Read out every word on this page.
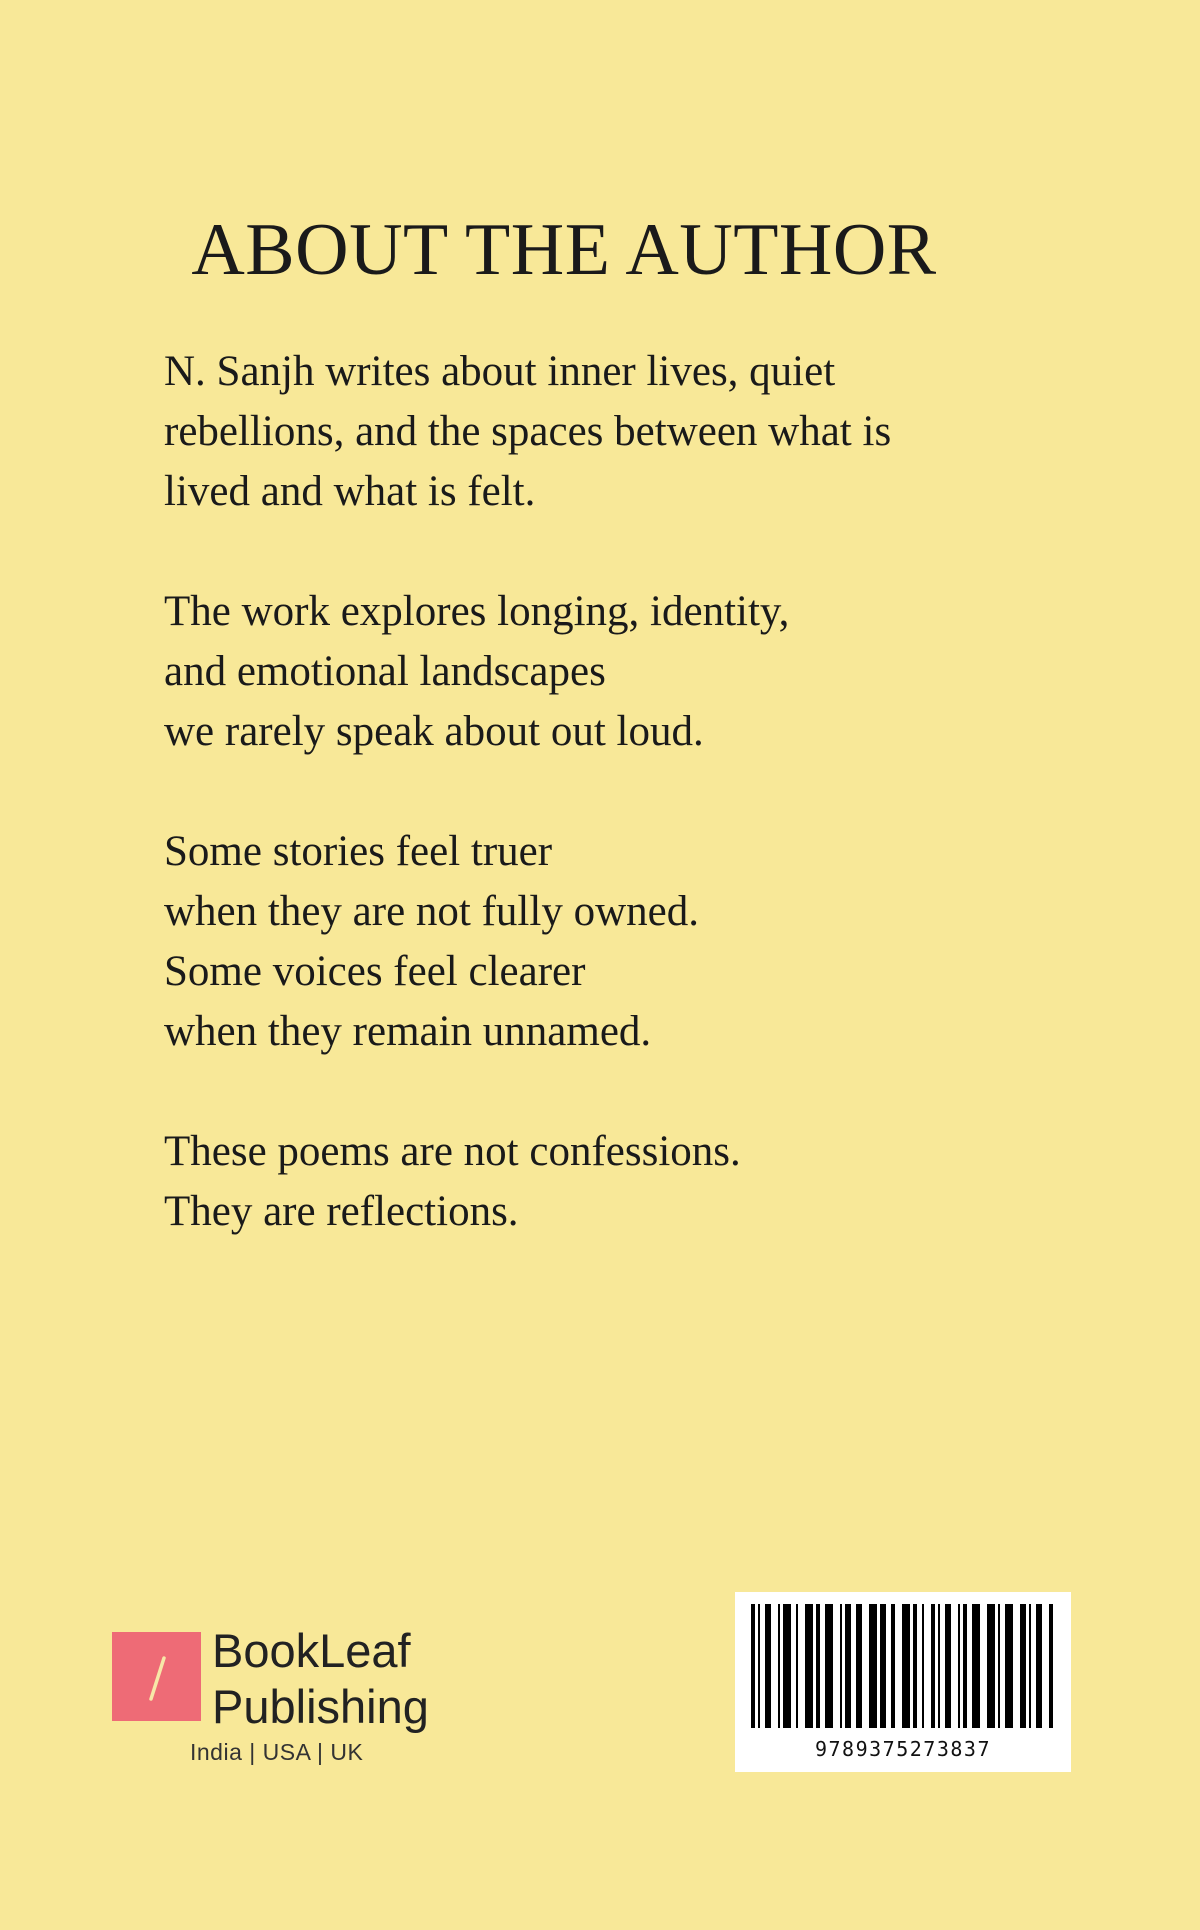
ABOUT THE AUTHOR

N. Sanjh writes about inner lives, quiet
rebellions, and the spaces between what is
lived and what is felt.

The work explores longing, identity,
and emotional landscapes
we rarely speak about out loud.

Some stories feel truer
when they are not fully owned.
Some voices feel clearer
when they remain unnamed.

These poems are not confessions.
They are reflections.

BookLeaf
Publishing
India | USA | UK	9789375273837
